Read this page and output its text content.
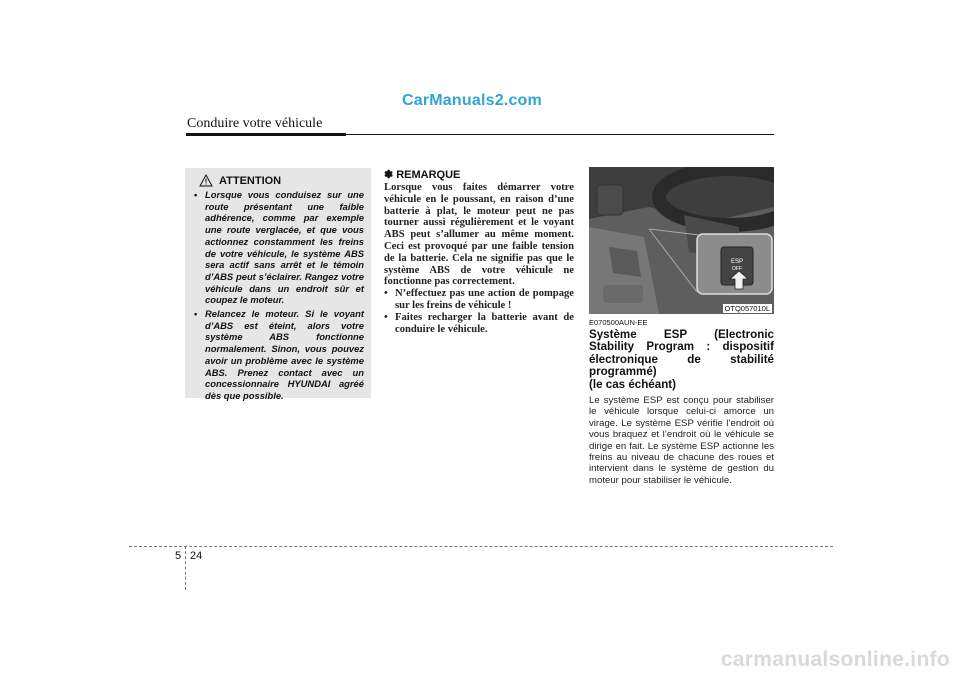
CarManuals2.com
Conduire votre véhicule
ATTENTION
• Lorsque vous conduisez sur une route présentant une faible adhérence, comme par exemple une route verglacée, et que vous actionnez constamment les freins de votre véhicule, le système ABS sera actif sans arrêt et le témoin d’ABS peut s’éclairer. Rangez votre véhicule dans un endroit sûr et coupez le moteur.
• Relancez le moteur. Si le voyant d’ABS est éteint, alors votre système ABS fonctionne normalement. Sinon, vous pouvez avoir un problème avec le système ABS. Prenez contact avec un concessionnaire HYUNDAI agréé dès que possible.
✽ REMARQUE
Lorsque vous faites démarrer votre véhicule en le poussant, en raison d’une batterie à plat, le moteur peut ne pas tourner aussi régulièrement et le voyant ABS peut s’allumer au même moment. Ceci est provoqué par une faible tension de la batterie. Cela ne signifie pas que le système ABS de votre véhicule ne fonctionne pas correctement.
• N’effectuez pas une action de pompage sur les freins de véhicule !
• Faites recharger la batterie avant de conduire le véhicule.
ESP
OFF
OTQ057010L
E070500AUN-EE
Système ESP (Electronic Stability Program : dispositif électronique de stabilité programmé)
(le cas échéant)
Le système ESP est conçu pour stabiliser le véhicule lorsque celui-ci amorce un virage. Le système ESP vérifie l’endroit où vous braquez et l’endroit où le véhicule se dirige en fait. Le système ESP actionne les freins au niveau de chacune des roues et intervient dans le système de gestion du moteur pour stabiliser le véhicule.
5 24
carmanualsonline.info
